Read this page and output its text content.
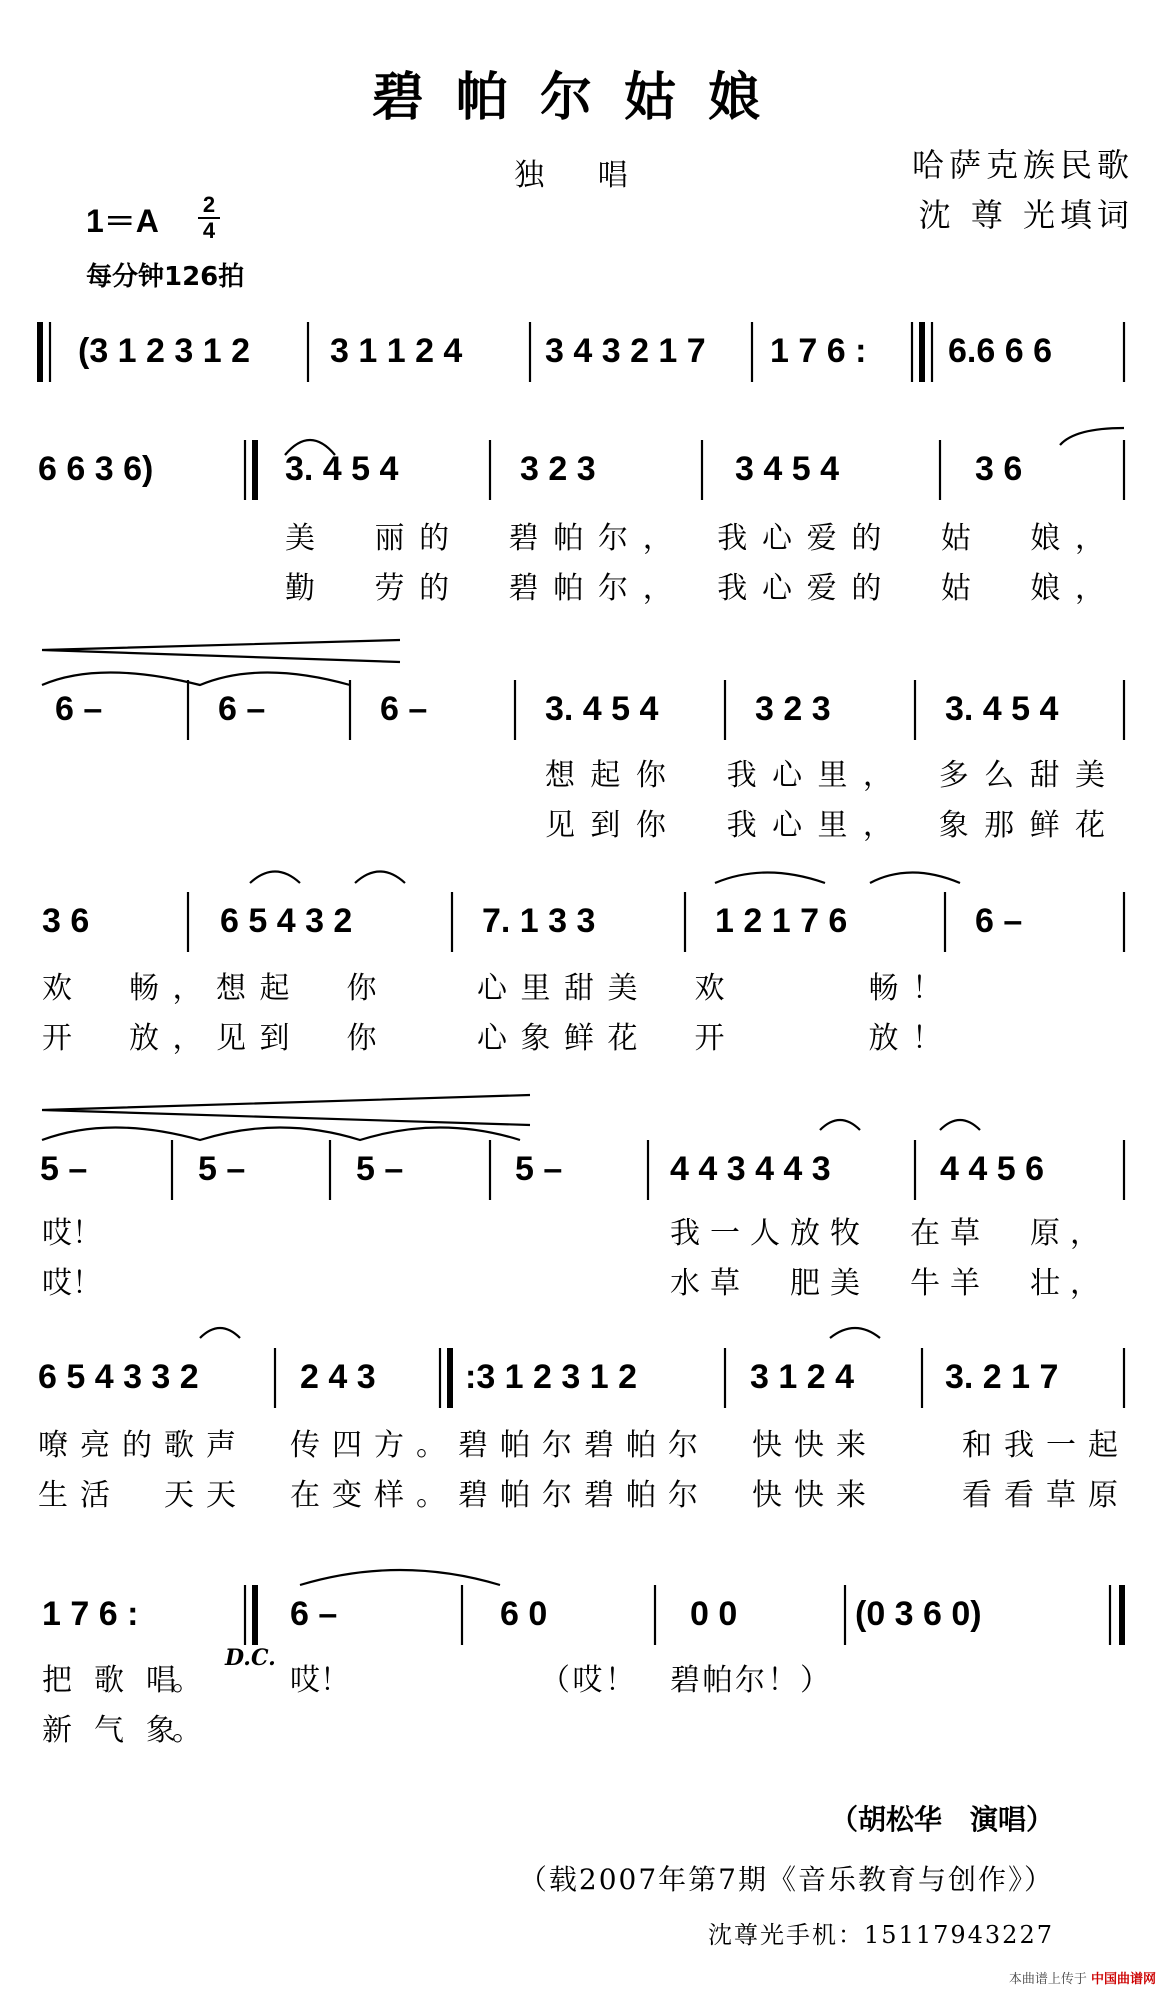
碧帕尔姑娘
独 唱	哈萨克族民歌
沈 尊 光填词
1＝A 2
4
每分钟126拍
(3 1 2 3 1 2 3 1 1 2 4 3 4 3 2 1 7 1 7 6 : 6.6 6 6
6 6 3 6)	3. 4 5 4	3 2 3	3 4 5 4	3 6
6 –	6 –	6 –	3. 4 5 4	3 2 3	3. 4 5 4
3 6	6 5 4 3 2	7. 1 3 3	1 2 1 7 6	6 –
5 –	5 –	5 –	5 –	4 4 3 4 4 3	4 4 5 6
6 5 4 3 3 2	2 4 3	:3 1 2 3 1 2	3 1 2 4	3. 2 1 7
1 7 6 :	6 –	6 0	0 0	(0 3 6 0)
D.C.
美　丽的　碧帕尔，　我心爱的　姑　娘，
勤　劳的　碧帕尔，　我心爱的　姑　娘，
想起你　我心里，　多么甜美
见到你　我心里，　象那鲜花
欢　畅，想起　你　　心里甜美　欢　　　畅！
开　放，见到　你　　心象鲜花　开　　　放！
哎！	我一人放牧　在草　原，
哎！	水草　肥美　牛羊　壮，
嘹亮的歌声　传四方。碧帕尔碧帕尔　快快来　　和我一起
生活　天天　在变样。碧帕尔碧帕尔　快快来　　看看草原
把　歌　唱。	哎！	（哎！　碧帕尔！）
新　气　象。
（胡松华　演唱）
（载2007年第7期《音乐教育与创作》）
沈尊光手机：15117943227
本曲谱上传于 中国曲谱网
